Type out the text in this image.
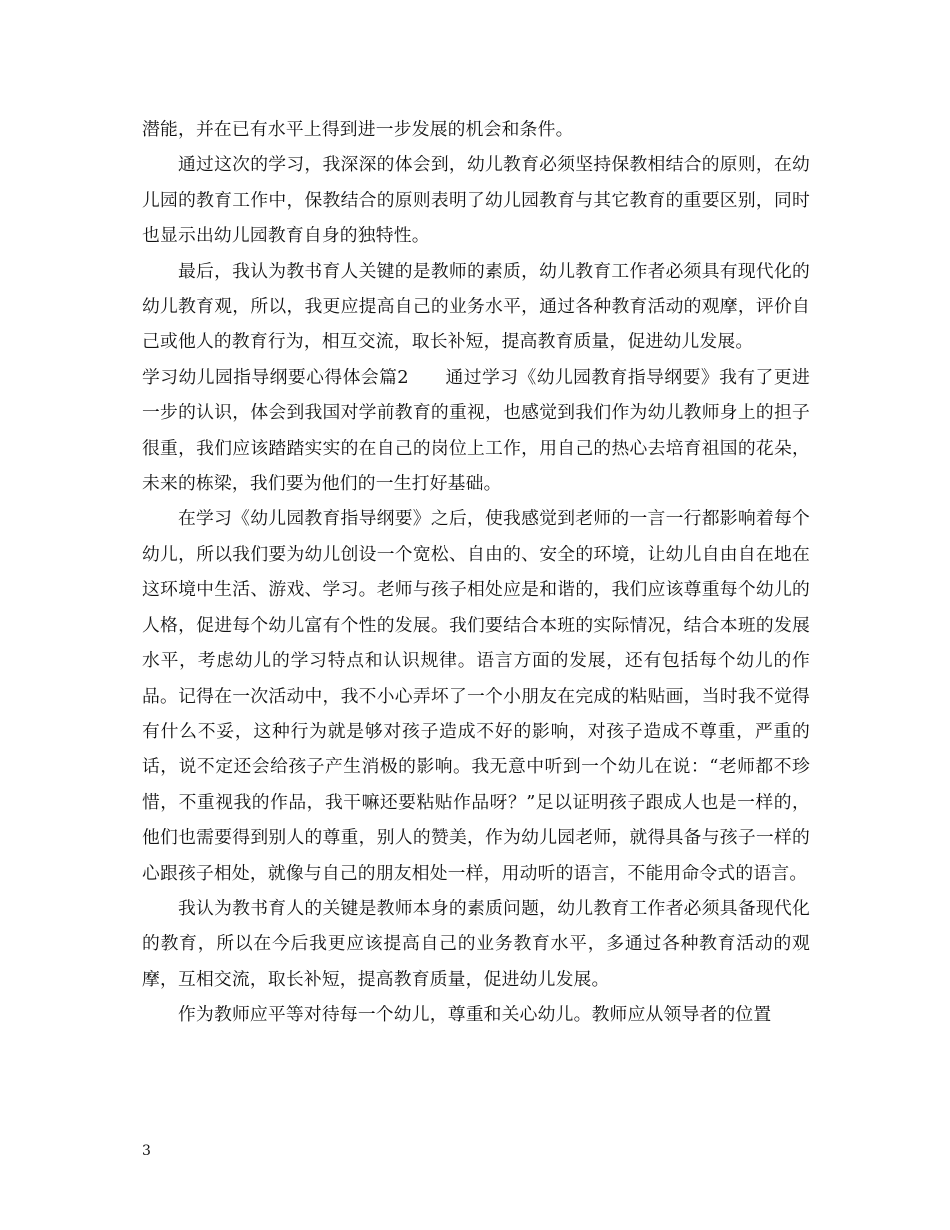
潜能，并在已有水平上得到进一步发展的机会和条件。

通过这次的学习，我深深的体会到，幼儿教育必须坚持保教相结合的原则，在幼儿园的教育工作中，保教结合的原则表明了幼儿园教育与其它教育的重要区别，同时也显示出幼儿园教育自身的独特性。

最后，我认为教书育人关键的是教师的素质，幼儿教育工作者必须具有现代化的幼儿教育观，所以，我更应提高自己的业务水平，通过各种教育活动的观摩，评价自己或他人的教育行为，相互交流，取长补短，提高教育质量，促进幼儿发展。

学习幼儿园指导纲要心得体会篇2　　通过学习《幼儿园教育指导纲要》我有了更进一步的认识，体会到我国对学前教育的重视，也感觉到我们作为幼儿教师身上的担子很重，我们应该踏踏实实的在自己的岗位上工作，用自己的热心去培育祖国的花朵，未来的栋梁，我们要为他们的一生打好基础。

在学习《幼儿园教育指导纲要》之后，使我感觉到老师的一言一行都影响着每个幼儿，所以我们要为幼儿创设一个宽松、自由的、安全的环境，让幼儿自由自在地在这环境中生活、游戏、学习。老师与孩子相处应是和谐的，我们应该尊重每个幼儿的人格，促进每个幼儿富有个性的发展。我们要结合本班的实际情况，结合本班的发展水平，考虑幼儿的学习特点和认识规律。语言方面的发展，还有包括每个幼儿的作品。记得在一次活动中，我不小心弄坏了一个小朋友在完成的粘贴画，当时我不觉得有什么不妥，这种行为就是够对孩子造成不好的影响，对孩子造成不尊重，严重的话，说不定还会给孩子产生消极的影响。我无意中听到一个幼儿在说：“老师都不珍惜，不重视我的作品，我干嘛还要粘贴作品呀？”足以证明孩子跟成人也是一样的，他们也需要得到别人的尊重，别人的赞美，作为幼儿园老师，就得具备与孩子一样的心跟孩子相处，就像与自己的朋友相处一样，用动听的语言，不能用命令式的语言。

我认为教书育人的关键是教师本身的素质问题，幼儿教育工作者必须具备现代化的教育，所以在今后我更应该提高自己的业务教育水平，多通过各种教育活动的观摩，互相交流，取长补短，提高教育质量，促进幼儿发展。

作为教师应平等对待每一个幼儿，尊重和关心幼儿。教师应从领导者的位置

3
